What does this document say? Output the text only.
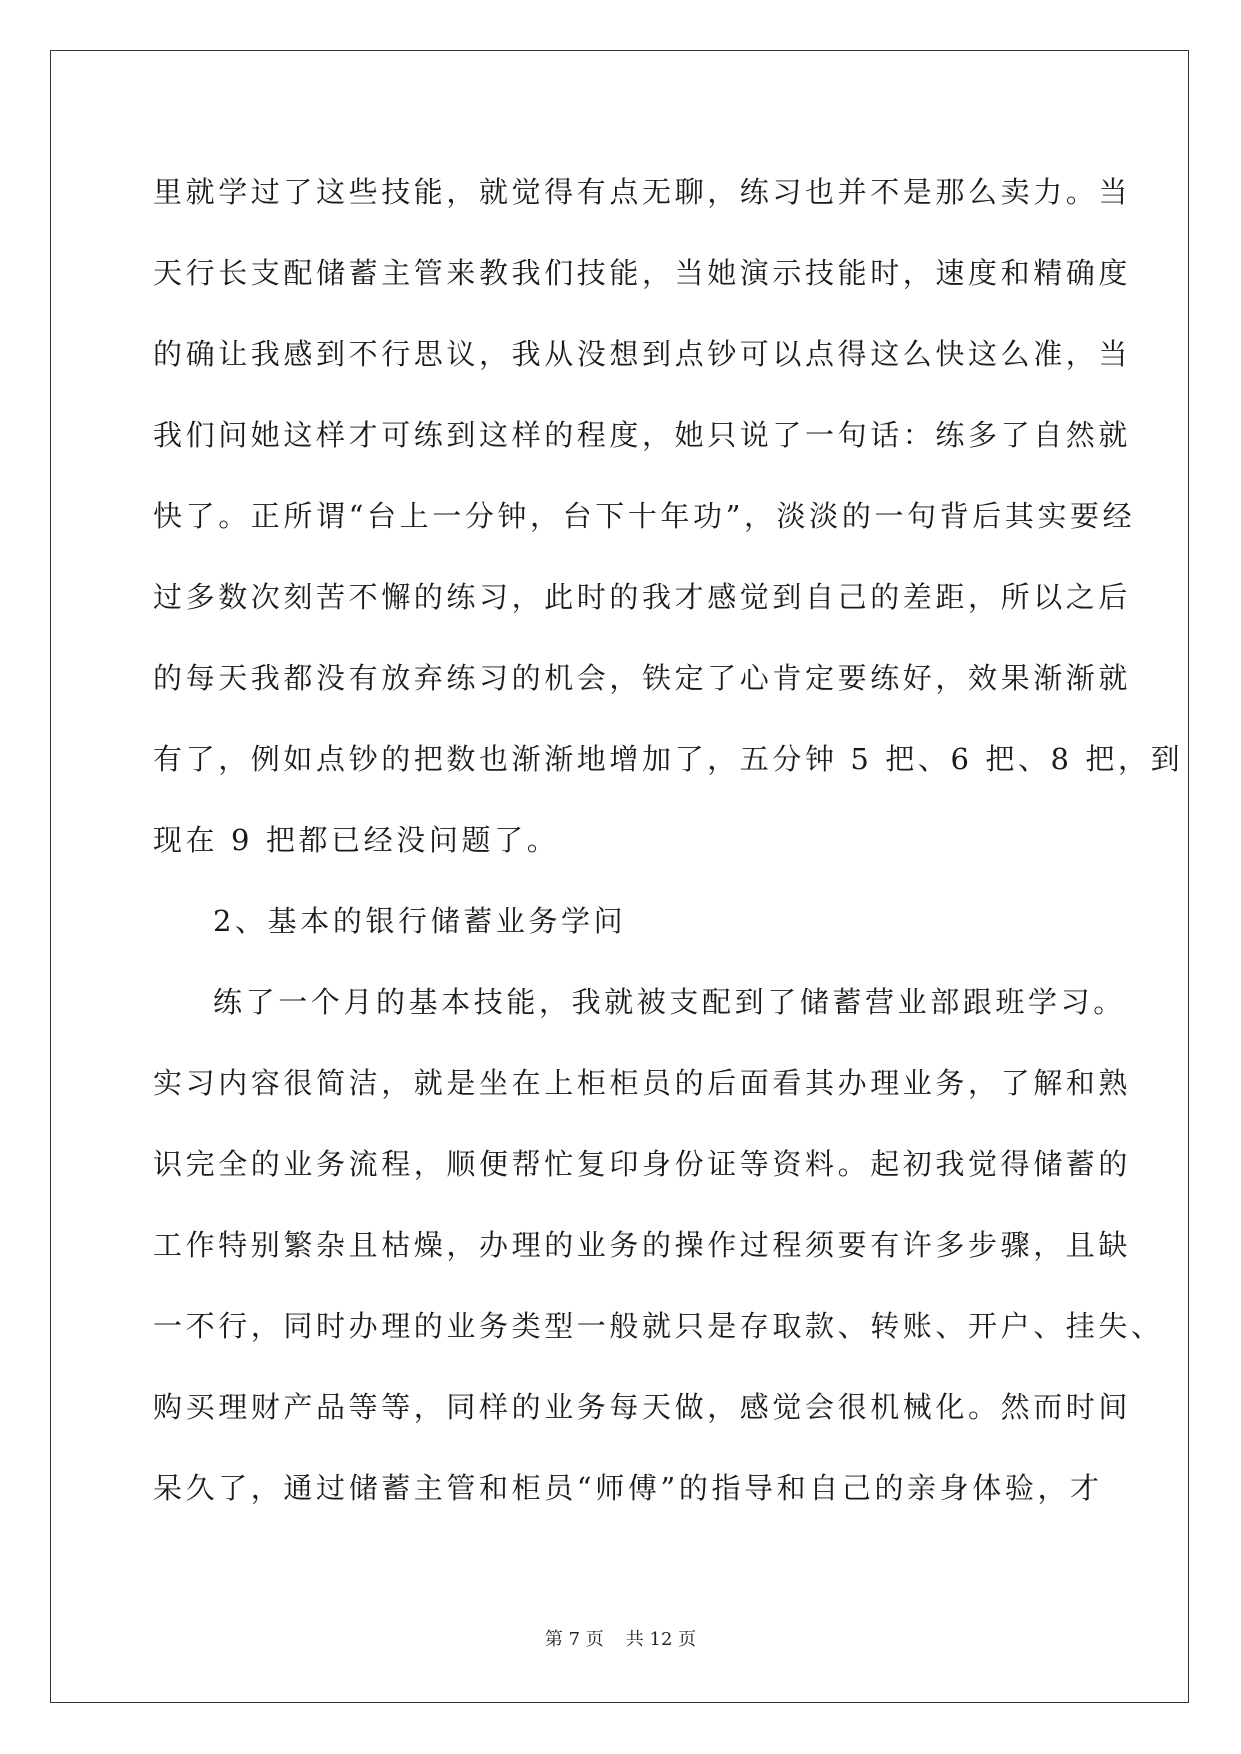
里就学过了这些技能，就觉得有点无聊，练习也并不是那么卖力。当
天行长支配储蓄主管来教我们技能，当她演示技能时，速度和精确度
的确让我感到不行思议，我从没想到点钞可以点得这么快这么准，当
我们问她这样才可练到这样的程度，她只说了一句话：练多了自然就
快了。正所谓“台上一分钟，台下十年功”，淡淡的一句背后其实要经
过多数次刻苦不懈的练习，此时的我才感觉到自己的差距，所以之后
的每天我都没有放弃练习的机会，铁定了心肯定要练好，效果渐渐就
有了，例如点钞的把数也渐渐地增加了，五分钟 5 把、6 把、8 把，到
现在 9 把都已经没问题了。
2、基本的银行储蓄业务学问
练了一个月的基本技能，我就被支配到了储蓄营业部跟班学习。
实习内容很简洁，就是坐在上柜柜员的后面看其办理业务，了解和熟
识完全的业务流程，顺便帮忙复印身份证等资料。起初我觉得储蓄的
工作特别繁杂且枯燥，办理的业务的操作过程须要有许多步骤，且缺
一不行，同时办理的业务类型一般就只是存取款、转账、开户、挂失、
购买理财产品等等，同样的业务每天做，感觉会很机械化。然而时间
呆久了，通过储蓄主管和柜员“师傅”的指导和自己的亲身体验，才
第 7 页 共 12 页
